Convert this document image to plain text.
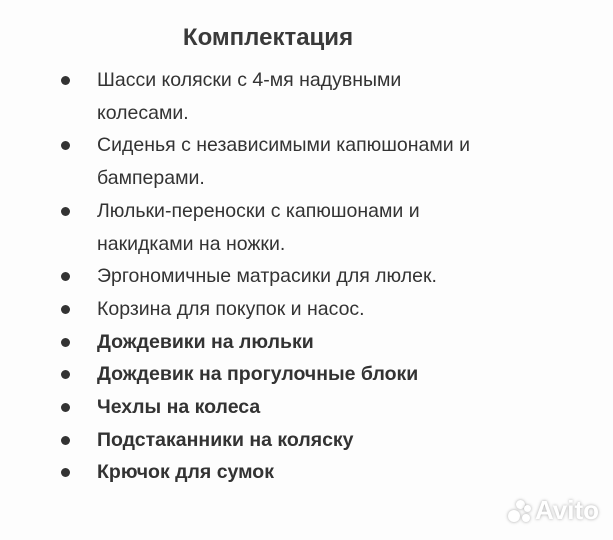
Комплектация
Шасси коляски с 4-мя надувными
колесами.
Сиденья с независимыми капюшонами и
бамперами.
Люльки-переноски с капюшонами и
накидками на ножки.
Эргономичные матрасики для люлек.
Корзина для покупок и насос.
Дождевики на люльки
Дождевик на прогулочные блоки
Чехлы на колеса
Подстаканники на коляску
Крючок для сумок
Avito
